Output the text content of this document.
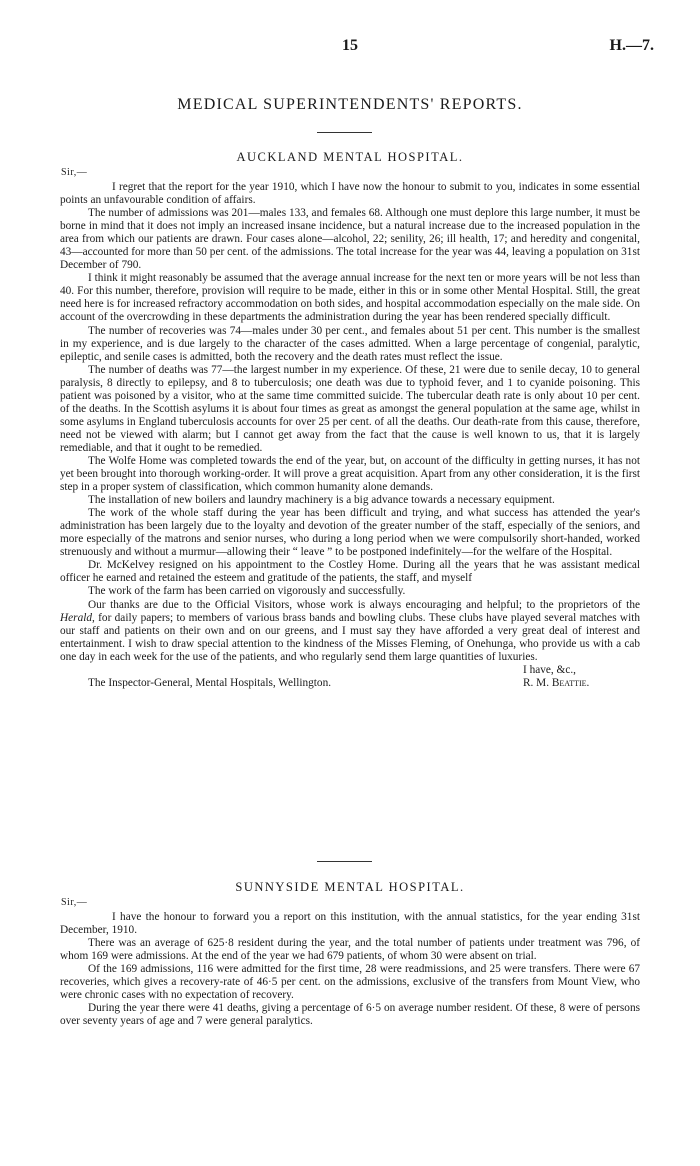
15	H.—7.
MEDICAL SUPERINTENDENTS' REPORTS.
AUCKLAND MENTAL HOSPITAL.
Sir,—

I regret that the report for the year 1910, which I have now the honour to submit to you, indicates in some essential points an unfavourable condition of affairs.

The number of admissions was 201—males 133, and females 68. Although one must deplore this large number, it must be borne in mind that it does not imply an increased insane incidence, but a natural increase due to the increased population in the area from which our patients are drawn. Four cases alone—alcohol, 22; senility, 26; ill health, 17; and heredity and congenital, 43—accounted for more than 50 per cent. of the admissions. The total increase for the year was 44, leaving a population on 31st December of 790.

I think it might reasonably be assumed that the average annual increase for the next ten or more years will be not less than 40. For this number, therefore, provision will require to be made, either in this or in some other Mental Hospital. Still, the great need here is for increased refractory accommodation on both sides, and hospital accommodation especially on the male side. On account of the overcrowding in these departments the administration during the year has been rendered specially difficult.

The number of recoveries was 74—males under 30 per cent., and females about 51 per cent. This number is the smallest in my experience, and is due largely to the character of the cases admitted. When a large percentage of congenial, paralytic, epileptic, and senile cases is admitted, both the recovery and the death rates must reflect the issue.

The number of deaths was 77—the largest number in my experience. Of these, 21 were due to senile decay, 10 to general paralysis, 8 directly to epilepsy, and 8 to tuberculosis; one death was due to typhoid fever, and 1 to cyanide poisoning. This patient was poisoned by a visitor, who at the same time committed suicide. The tubercular death rate is only about 10 per cent. of the deaths. In the Scottish asylums it is about four times as great as amongst the general population at the same age, whilst in some asylums in England tuberculosis accounts for over 25 per cent. of all the deaths. Our death-rate from this cause, therefore, need not be viewed with alarm; but I cannot get away from the fact that the cause is well known to us, that it is largely remediable, and that it ought to be remedied.

The Wolfe Home was completed towards the end of the year, but, on account of the difficulty in getting nurses, it has not yet been brought into thorough working-order. It will prove a great acquisition. Apart from any other consideration, it is the first step in a proper system of classification, which common humanity alone demands.

The installation of new boilers and laundry machinery is a big advance towards a necessary equipment.

The work of the whole staff during the year has been difficult and trying, and what success has attended the year's administration has been largely due to the loyalty and devotion of the greater number of the staff, especially of the seniors, and more especially of the matrons and senior nurses, who during a long period when we were compulsorily short-handed, worked strenuously and without a murmur—allowing their “ leave ” to be postponed indefinitely—for the welfare of the Hospital.

Dr. McKelvey resigned on his appointment to the Costley Home. During all the years that he was assistant medical officer he earned and retained the esteem and gratitude of the patients, the staff, and myself

The work of the farm has been carried on vigorously and successfully.

Our thanks are due to the Official Visitors, whose work is always encouraging and helpful; to the proprietors of the Herald, for daily papers; to members of various brass bands and bowling clubs. These clubs have played several matches with our staff and patients on their own and on our greens, and I must say they have afforded a very great deal of interest and entertainment. I wish to draw special attention to the kindness of the Misses Fleming, of Onehunga, who provide us with a cab one day in each week for the use of the patients, and who regularly send them large quantities of luxuries.

I have, &c.,
The Inspector-General, Mental Hospitals, Wellington.	R. M. Beattie.
SUNNYSIDE MENTAL HOSPITAL.
Sir,—

I have the honour to forward you a report on this institution, with the annual statistics, for the year ending 31st December, 1910.

There was an average of 625·8 resident during the year, and the total number of patients under treatment was 796, of whom 169 were admissions. At the end of the year we had 679 patients, of whom 30 were absent on trial.

Of the 169 admissions, 116 were admitted for the first time, 28 were readmissions, and 25 were transfers. There were 67 recoveries, which gives a recovery-rate of 46·5 per cent. on the admissions, exclusive of the transfers from Mount View, who were chronic cases with no expectation of recovery.

During the year there were 41 deaths, giving a percentage of 6·5 on average number resident. Of these, 8 were of persons over seventy years of age and 7 were general paralytics.
